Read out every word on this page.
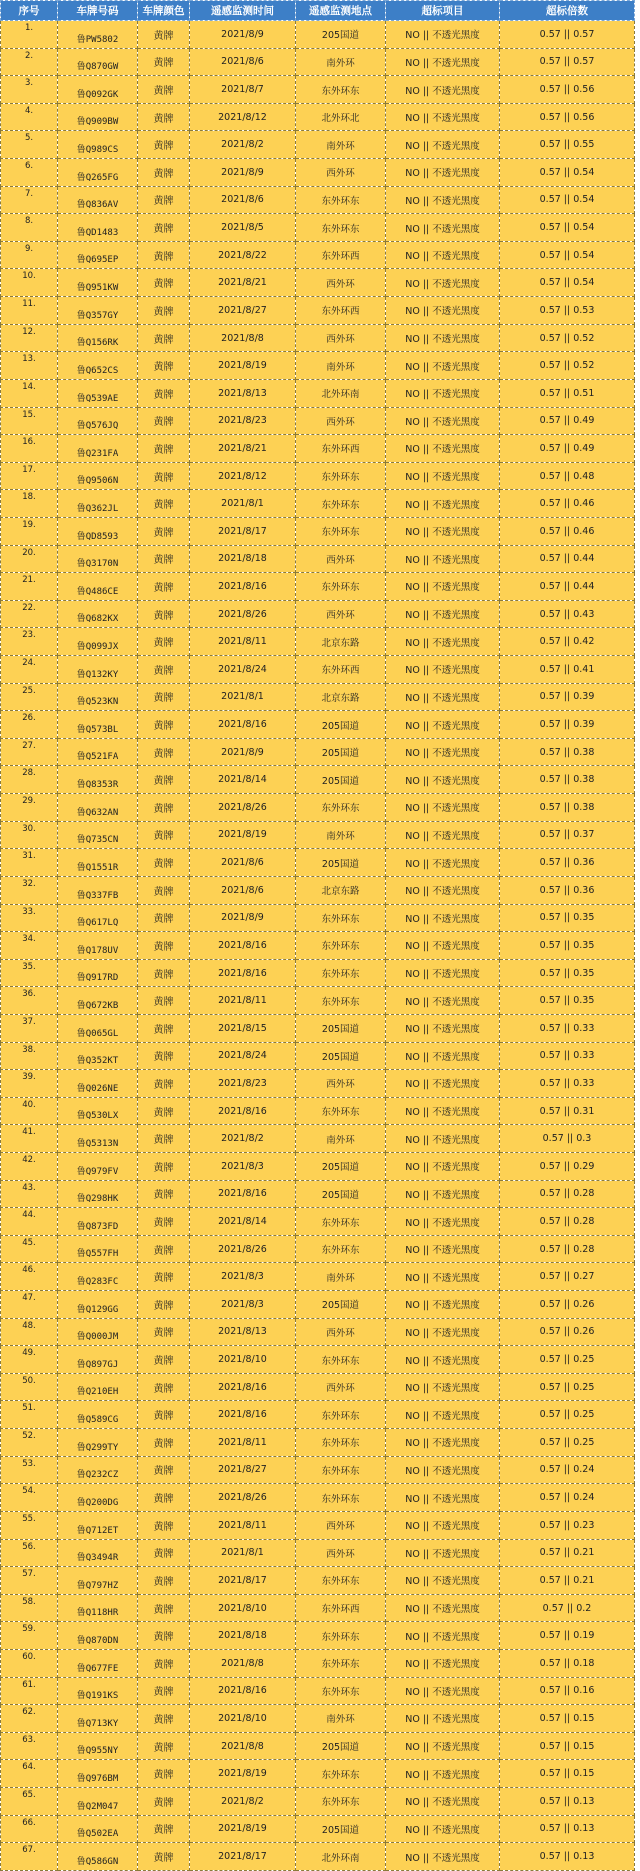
序号	车牌号码	车牌颜色	遥感监测时间	遥感监测地点	超标项目	超标倍数
1.	鲁PW5802	黄牌	2021/8/9	205国道	NO || 不透光黑度	0.57 || 0.57
2.	鲁Q870GW	黄牌	2021/8/6	南外环	NO || 不透光黑度	0.57 || 0.57
3.	鲁Q092GK	黄牌	2021/8/7	东外环东	NO || 不透光黑度	0.57 || 0.56
4.	鲁Q909BW	黄牌	2021/8/12	北外环北	NO || 不透光黑度	0.57 || 0.56
5.	鲁Q989CS	黄牌	2021/8/2	南外环	NO || 不透光黑度	0.57 || 0.55
6.	鲁Q265FG	黄牌	2021/8/9	西外环	NO || 不透光黑度	0.57 || 0.54
7.	鲁Q836AV	黄牌	2021/8/6	东外环东	NO || 不透光黑度	0.57 || 0.54
8.	鲁QD1483	黄牌	2021/8/5	东外环东	NO || 不透光黑度	0.57 || 0.54
9.	鲁Q695EP	黄牌	2021/8/22	东外环西	NO || 不透光黑度	0.57 || 0.54
10.	鲁Q951KW	黄牌	2021/8/21	西外环	NO || 不透光黑度	0.57 || 0.54
11.	鲁Q357GY	黄牌	2021/8/27	东外环西	NO || 不透光黑度	0.57 || 0.53
12.	鲁Q156RK	黄牌	2021/8/8	西外环	NO || 不透光黑度	0.57 || 0.52
13.	鲁Q652CS	黄牌	2021/8/19	南外环	NO || 不透光黑度	0.57 || 0.52
14.	鲁Q539AE	黄牌	2021/8/13	北外环南	NO || 不透光黑度	0.57 || 0.51
15.	鲁Q576JQ	黄牌	2021/8/23	西外环	NO || 不透光黑度	0.57 || 0.49
16.	鲁Q231FA	黄牌	2021/8/21	东外环西	NO || 不透光黑度	0.57 || 0.49
17.	鲁Q9506N	黄牌	2021/8/12	东外环东	NO || 不透光黑度	0.57 || 0.48
18.	鲁Q362JL	黄牌	2021/8/1	东外环东	NO || 不透光黑度	0.57 || 0.46
19.	鲁QD8593	黄牌	2021/8/17	东外环东	NO || 不透光黑度	0.57 || 0.46
20.	鲁Q3170N	黄牌	2021/8/18	西外环	NO || 不透光黑度	0.57 || 0.44
21.	鲁Q486CE	黄牌	2021/8/16	东外环东	NO || 不透光黑度	0.57 || 0.44
22.	鲁Q682KX	黄牌	2021/8/26	西外环	NO || 不透光黑度	0.57 || 0.43
23.	鲁Q099JX	黄牌	2021/8/11	北京东路	NO || 不透光黑度	0.57 || 0.42
24.	鲁Q132KY	黄牌	2021/8/24	东外环西	NO || 不透光黑度	0.57 || 0.41
25.	鲁Q523KN	黄牌	2021/8/1	北京东路	NO || 不透光黑度	0.57 || 0.39
26.	鲁Q573BL	黄牌	2021/8/16	205国道	NO || 不透光黑度	0.57 || 0.39
27.	鲁Q521FA	黄牌	2021/8/9	205国道	NO || 不透光黑度	0.57 || 0.38
28.	鲁Q8353R	黄牌	2021/8/14	205国道	NO || 不透光黑度	0.57 || 0.38
29.	鲁Q632AN	黄牌	2021/8/26	东外环东	NO || 不透光黑度	0.57 || 0.38
30.	鲁Q735CN	黄牌	2021/8/19	南外环	NO || 不透光黑度	0.57 || 0.37
31.	鲁Q1551R	黄牌	2021/8/6	205国道	NO || 不透光黑度	0.57 || 0.36
32.	鲁Q337FB	黄牌	2021/8/6	北京东路	NO || 不透光黑度	0.57 || 0.36
33.	鲁Q617LQ	黄牌	2021/8/9	东外环东	NO || 不透光黑度	0.57 || 0.35
34.	鲁Q178UV	黄牌	2021/8/16	东外环东	NO || 不透光黑度	0.57 || 0.35
35.	鲁Q917RD	黄牌	2021/8/16	东外环东	NO || 不透光黑度	0.57 || 0.35
36.	鲁Q672KB	黄牌	2021/8/11	东外环东	NO || 不透光黑度	0.57 || 0.35
37.	鲁Q065GL	黄牌	2021/8/15	205国道	NO || 不透光黑度	0.57 || 0.33
38.	鲁Q352KT	黄牌	2021/8/24	205国道	NO || 不透光黑度	0.57 || 0.33
39.	鲁Q026NE	黄牌	2021/8/23	西外环	NO || 不透光黑度	0.57 || 0.33
40.	鲁Q530LX	黄牌	2021/8/16	东外环东	NO || 不透光黑度	0.57 || 0.31
41.	鲁Q5313N	黄牌	2021/8/2	南外环	NO || 不透光黑度	0.57 || 0.3
42.	鲁Q979FV	黄牌	2021/8/3	205国道	NO || 不透光黑度	0.57 || 0.29
43.	鲁Q298HK	黄牌	2021/8/16	205国道	NO || 不透光黑度	0.57 || 0.28
44.	鲁Q873FD	黄牌	2021/8/14	东外环东	NO || 不透光黑度	0.57 || 0.28
45.	鲁Q557FH	黄牌	2021/8/26	东外环东	NO || 不透光黑度	0.57 || 0.28
46.	鲁Q283FC	黄牌	2021/8/3	南外环	NO || 不透光黑度	0.57 || 0.27
47.	鲁Q129GG	黄牌	2021/8/3	205国道	NO || 不透光黑度	0.57 || 0.26
48.	鲁Q000JM	黄牌	2021/8/13	西外环	NO || 不透光黑度	0.57 || 0.26
49.	鲁Q897GJ	黄牌	2021/8/10	东外环东	NO || 不透光黑度	0.57 || 0.25
50.	鲁Q210EH	黄牌	2021/8/16	西外环	NO || 不透光黑度	0.57 || 0.25
51.	鲁Q589CG	黄牌	2021/8/16	东外环东	NO || 不透光黑度	0.57 || 0.25
52.	鲁Q299TY	黄牌	2021/8/11	东外环东	NO || 不透光黑度	0.57 || 0.25
53.	鲁Q232CZ	黄牌	2021/8/27	东外环东	NO || 不透光黑度	0.57 || 0.24
54.	鲁Q200DG	黄牌	2021/8/26	东外环东	NO || 不透光黑度	0.57 || 0.24
55.	鲁Q712ET	黄牌	2021/8/11	西外环	NO || 不透光黑度	0.57 || 0.23
56.	鲁Q3494R	黄牌	2021/8/1	西外环	NO || 不透光黑度	0.57 || 0.21
57.	鲁Q797HZ	黄牌	2021/8/17	东外环东	NO || 不透光黑度	0.57 || 0.21
58.	鲁Q118HR	黄牌	2021/8/10	东外环西	NO || 不透光黑度	0.57 || 0.2
59.	鲁Q870DN	黄牌	2021/8/18	东外环东	NO || 不透光黑度	0.57 || 0.19
60.	鲁Q677FE	黄牌	2021/8/8	东外环东	NO || 不透光黑度	0.57 || 0.18
61.	鲁Q191KS	黄牌	2021/8/16	东外环东	NO || 不透光黑度	0.57 || 0.16
62.	鲁Q713KY	黄牌	2021/8/10	南外环	NO || 不透光黑度	0.57 || 0.15
63.	鲁Q955NY	黄牌	2021/8/8	205国道	NO || 不透光黑度	0.57 || 0.15
64.	鲁Q976BM	黄牌	2021/8/19	东外环东	NO || 不透光黑度	0.57 || 0.15
65.	鲁Q2M047	黄牌	2021/8/2	东外环东	NO || 不透光黑度	0.57 || 0.13
66.	鲁Q502EA	黄牌	2021/8/19	205国道	NO || 不透光黑度	0.57 || 0.13
67.	鲁Q586GN	黄牌	2021/8/17	北外环南	NO || 不透光黑度	0.57 || 0.13
